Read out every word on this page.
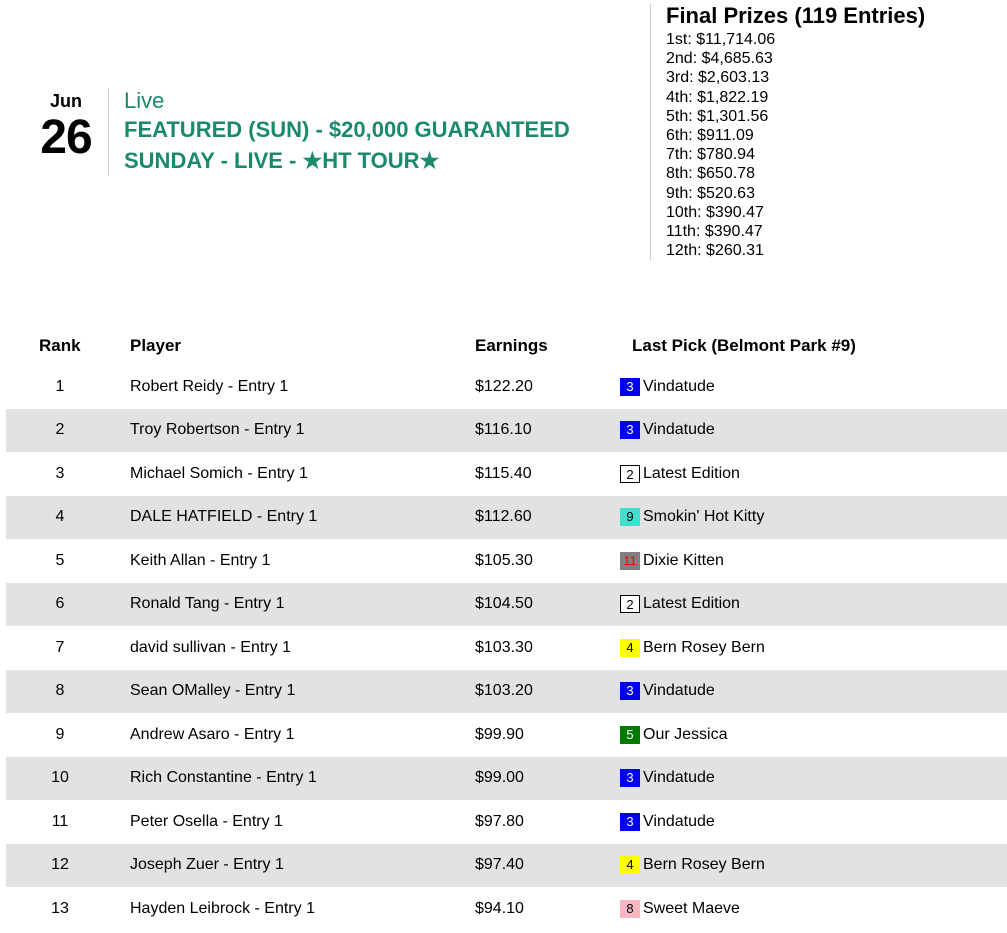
Jun
26
Live
FEATURED (SUN) - $20,000 GUARANTEED
SUNDAY - LIVE - ★HT TOUR★
Final Prizes (119 Entries)
1st: $11,714.06
2nd: $4,685.63
3rd: $2,603.13
4th: $1,822.19
5th: $1,301.56
6th: $911.09
7th: $780.94
8th: $650.78
9th: $520.63
10th: $390.47
11th: $390.47
12th: $260.31
Rank	Player	Earnings	Last Pick (Belmont Park #9)
1	Robert Reidy - Entry 1	$122.20	3 Vindatude
2	Troy Robertson - Entry 1	$116.10	3 Vindatude
3	Michael Somich - Entry 1	$115.40	2 Latest Edition
4	DALE HATFIELD - Entry 1	$112.60	9 Smokin' Hot Kitty
5	Keith Allan - Entry 1	$105.30	11 Dixie Kitten
6	Ronald Tang - Entry 1	$104.50	2 Latest Edition
7	david sullivan - Entry 1	$103.30	4 Bern Rosey Bern
8	Sean OMalley - Entry 1	$103.20	3 Vindatude
9	Andrew Asaro - Entry 1	$99.90	5 Our Jessica
10	Rich Constantine - Entry 1	$99.00	3 Vindatude
11	Peter Osella - Entry 1	$97.80	3 Vindatude
12	Joseph Zuer - Entry 1	$97.40	4 Bern Rosey Bern
13	Hayden Leibrock - Entry 1	$94.10	8 Sweet Maeve
